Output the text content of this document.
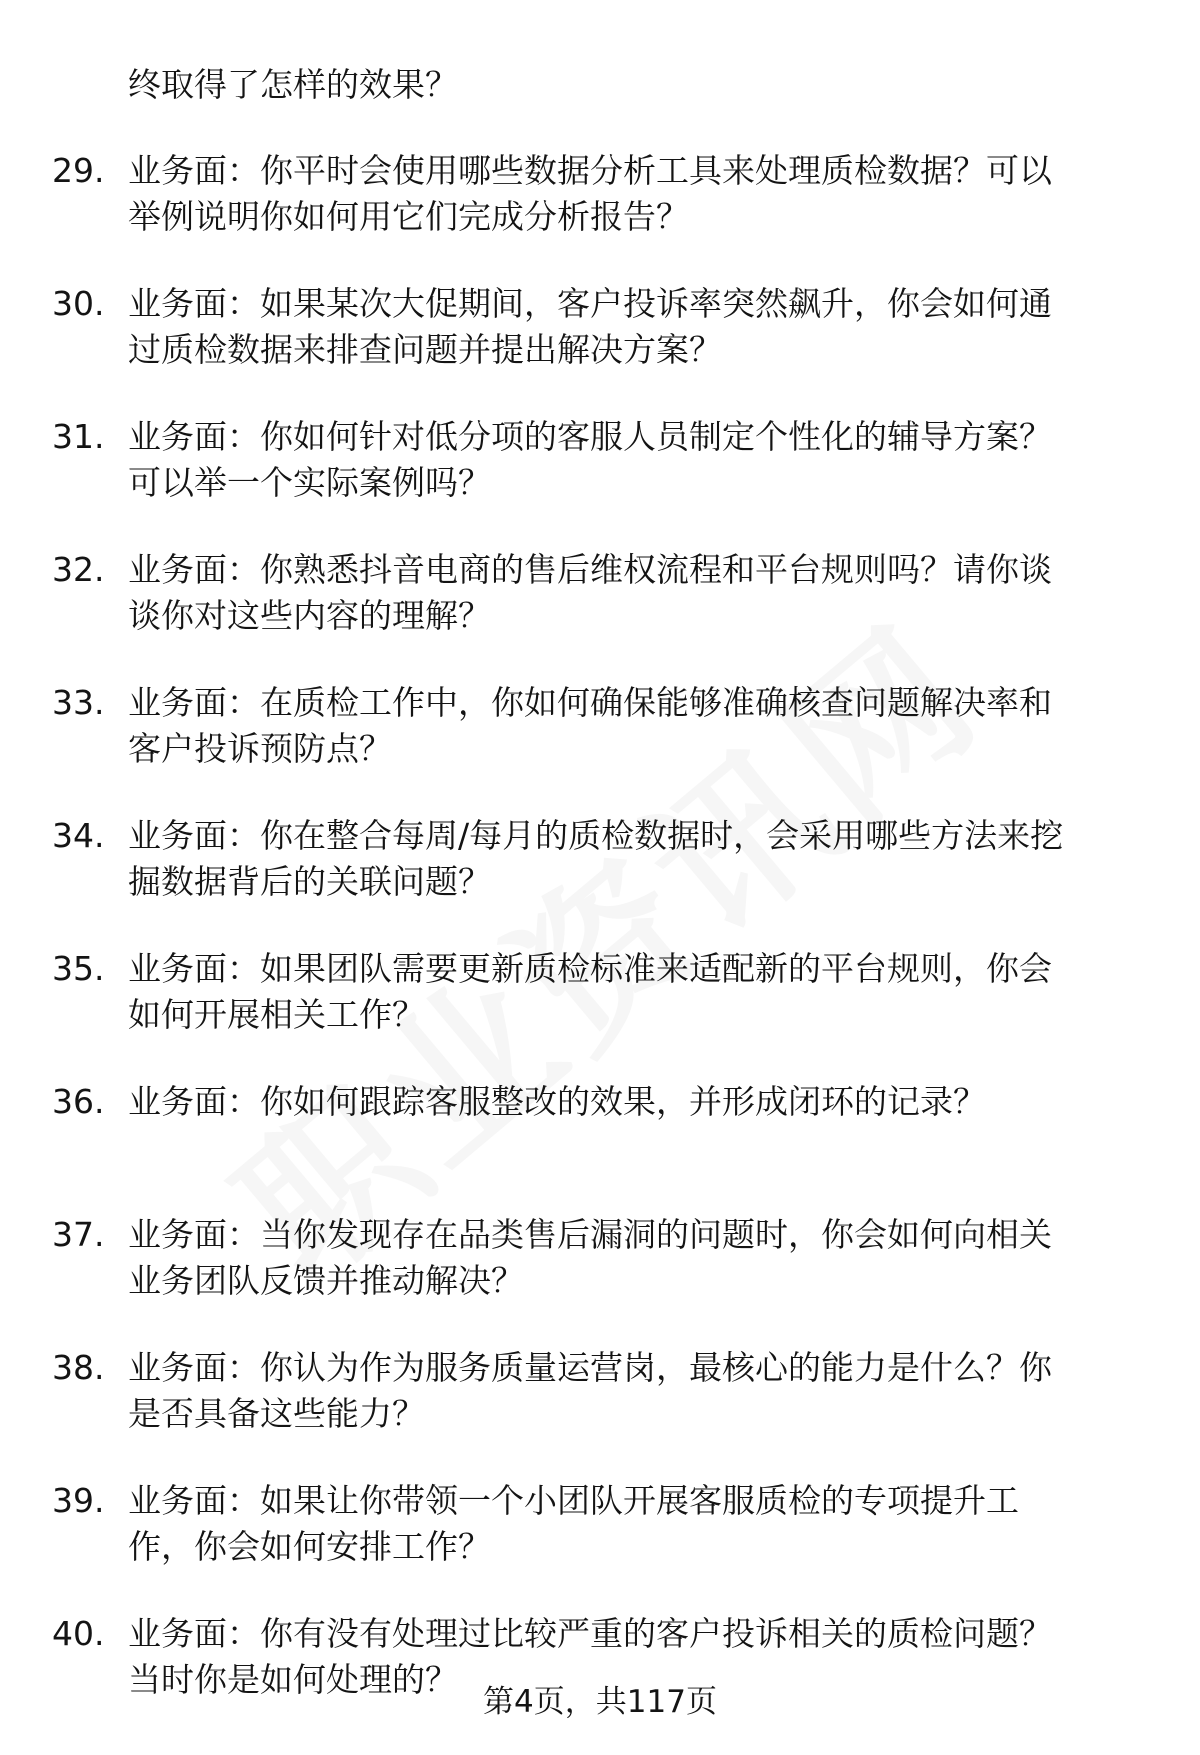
终取得了怎样的效果？
29. 业务面：你平时会使用哪些数据分析工具来处理质检数据？可以
举例说明你如何用它们完成分析报告？
30. 业务面：如果某次大促期间，客户投诉率突然飙升，你会如何通
过质检数据来排查问题并提出解决方案？
31. 业务面：你如何针对低分项的客服人员制定个性化的辅导方案？
可以举一个实际案例吗？
32. 业务面：你熟悉抖音电商的售后维权流程和平台规则吗？请你谈
谈你对这些内容的理解？
33. 业务面：在质检工作中，你如何确保能够准确核查问题解决率和
客户投诉预防点？
34. 业务面：你在整合每周/每月的质检数据时，会采用哪些方法来挖
掘数据背后的关联问题？
35. 业务面：如果团队需要更新质检标准来适配新的平台规则，你会
如何开展相关工作？
36. 业务面：你如何跟踪客服整改的效果，并形成闭环的记录？
37. 业务面：当你发现存在品类售后漏洞的问题时，你会如何向相关
业务团队反馈并推动解决？
38. 业务面：你认为作为服务质量运营岗，最核心的能力是什么？你
是否具备这些能力？
39. 业务面：如果让你带领一个小团队开展客服质检的专项提升工
作，你会如何安排工作？
40. 业务面：你有没有处理过比较严重的客户投诉相关的质检问题？
当时你是如何处理的？
第4页，共117页
